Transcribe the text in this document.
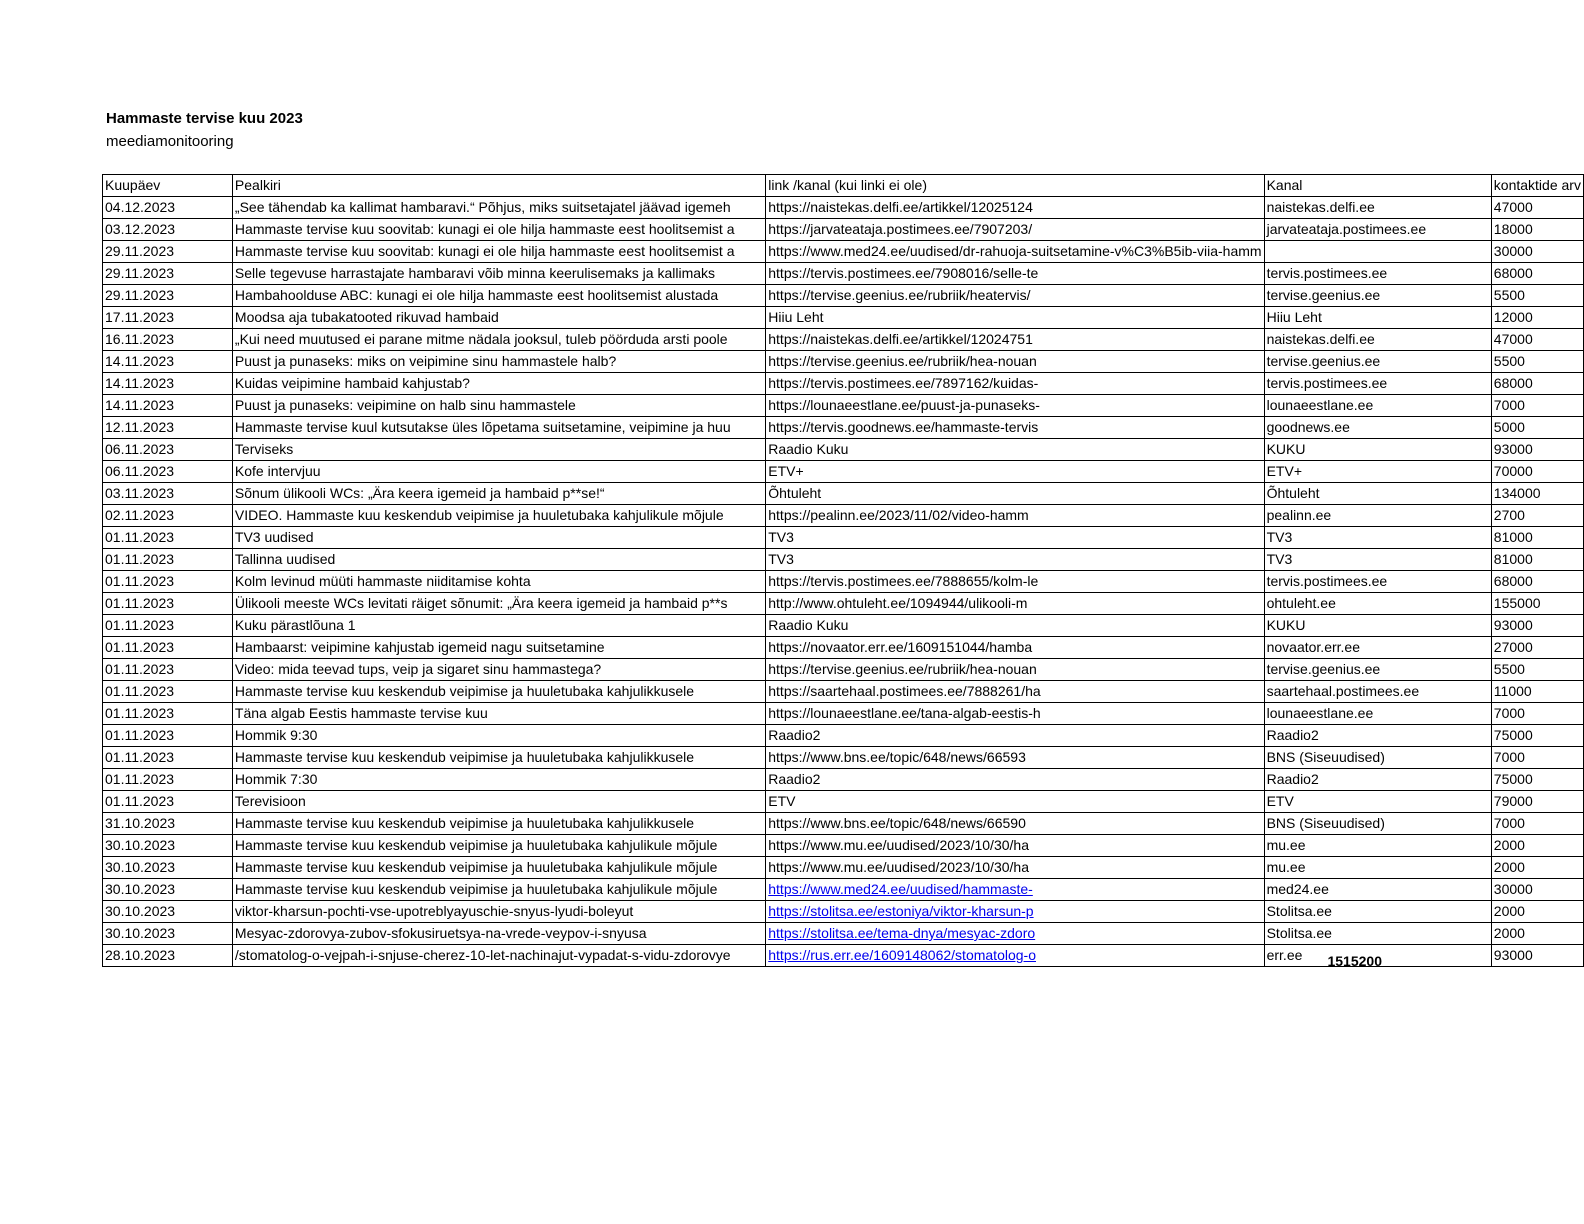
Hammaste tervise kuu 2023
meediamonitooring
Kuupäev	Pealkiri	link /kanal (kui linki ei ole)	Kanal	kontaktide arv
04.12.2023	„See tähendab ka kallimat hambaravi.“ Põhjus, miks suitsetajatel jäävad igemeh	https://naistekas.delfi.ee/artikkel/12025124	naistekas.delfi.ee	47000
03.12.2023	Hammaste tervise kuu soovitab: kunagi ei ole hilja hammaste eest hoolitsemist a	https://jarvateataja.postimees.ee/7907203/	jarvateataja.postimees.ee	18000
29.11.2023	Hammaste tervise kuu soovitab: kunagi ei ole hilja hammaste eest hoolitsemist a	https://www.med24.ee/uudised/dr-rahuoja-suitsetamine-v%C3%B5ib-viia-hamm		30000
29.11.2023	Selle tegevuse harrastajate hambaravi võib minna keerulisemaks ja kallimaks	https://tervis.postimees.ee/7908016/selle-te	tervis.postimees.ee	68000
29.11.2023	Hambahoolduse ABC: kunagi ei ole hilja hammaste eest hoolitsemist alustada	https://tervise.geenius.ee/rubriik/heatervis/	tervise.geenius.ee	5500
17.11.2023	Moodsa aja tubakatooted rikuvad hambaid	Hiiu Leht	Hiiu Leht	12000
16.11.2023	„Kui need muutused ei parane mitme nädala jooksul, tuleb pöörduda arsti poole	https://naistekas.delfi.ee/artikkel/12024751	naistekas.delfi.ee	47000
14.11.2023	Puust ja punaseks: miks on veipimine sinu hammastele halb?	https://tervise.geenius.ee/rubriik/hea-nouan	tervise.geenius.ee	5500
14.11.2023	Kuidas veipimine hambaid kahjustab?	https://tervis.postimees.ee/7897162/kuidas-	tervis.postimees.ee	68000
14.11.2023	Puust ja punaseks: veipimine on halb sinu hammastele	https://lounaeestlane.ee/puust-ja-punaseks-	lounaeestlane.ee	7000
12.11.2023	Hammaste tervise kuul kutsutakse üles lõpetama suitsetamine, veipimine ja huu	https://tervis.goodnews.ee/hammaste-tervis	goodnews.ee	5000
06.11.2023	Terviseks	Raadio Kuku	KUKU	93000
06.11.2023	Kofe intervjuu	ETV+	ETV+	70000
03.11.2023	Sõnum ülikooli WCs: „Ära keera igemeid ja hambaid p**se!“	Õhtuleht	Õhtuleht	134000
02.11.2023	VIDEO. Hammaste kuu keskendub veipimise ja huuletubaka kahjulikule mõjule	https://pealinn.ee/2023/11/02/video-hamm	pealinn.ee	2700
01.11.2023	TV3 uudised	TV3	TV3	81000
01.11.2023	Tallinna uudised	TV3	TV3	81000
01.11.2023	Kolm levinud müüti hammaste niiditamise kohta	https://tervis.postimees.ee/7888655/kolm-le	tervis.postimees.ee	68000
01.11.2023	Ülikooli meeste WCs levitati räiget sõnumit: „Ära keera igemeid ja hambaid p**s	http://www.ohtuleht.ee/1094944/ulikooli-m	ohtuleht.ee	155000
01.11.2023	Kuku pärastlõuna 1	Raadio Kuku	KUKU	93000
01.11.2023	Hambaarst: veipimine kahjustab igemeid nagu suitsetamine	https://novaator.err.ee/1609151044/hamba	novaator.err.ee	27000
01.11.2023	Video: mida teevad tups, veip ja sigaret sinu hammastega?	https://tervise.geenius.ee/rubriik/hea-nouan	tervise.geenius.ee	5500
01.11.2023	Hammaste tervise kuu keskendub veipimise ja huuletubaka kahjulikkusele	https://saartehaal.postimees.ee/7888261/ha	saartehaal.postimees.ee	11000
01.11.2023	Täna algab Eestis hammaste tervise kuu	https://lounaeestlane.ee/tana-algab-eestis-h	lounaeestlane.ee	7000
01.11.2023	Hommik 9:30	Raadio2	Raadio2	75000
01.11.2023	Hammaste tervise kuu keskendub veipimise ja huuletubaka kahjulikkusele	https://www.bns.ee/topic/648/news/66593	BNS (Siseuudised)	7000
01.11.2023	Hommik 7:30	Raadio2	Raadio2	75000
01.11.2023	Terevisioon	ETV	ETV	79000
31.10.2023	Hammaste tervise kuu keskendub veipimise ja huuletubaka kahjulikkusele	https://www.bns.ee/topic/648/news/66590	BNS (Siseuudised)	7000
30.10.2023	Hammaste tervise kuu keskendub veipimise ja huuletubaka kahjulikule mõjule	https://www.mu.ee/uudised/2023/10/30/ha	mu.ee	2000
30.10.2023	Hammaste tervise kuu keskendub veipimise ja huuletubaka kahjulikule mõjule	https://www.mu.ee/uudised/2023/10/30/ha	mu.ee	2000
30.10.2023	Hammaste tervise kuu keskendub veipimise ja huuletubaka kahjulikule mõjule	https://www.med24.ee/uudised/hammaste-	med24.ee	30000
30.10.2023	viktor-kharsun-pochti-vse-upotreblyayuschie-snyus-lyudi-boleyut	https://stolitsa.ee/estoniya/viktor-kharsun-p	Stolitsa.ee	2000
30.10.2023	Mesyac-zdorovya-zubov-sfokusiruetsya-na-vrede-veypov-i-snyusa	https://stolitsa.ee/tema-dnya/mesyac-zdoro	Stolitsa.ee	2000
28.10.2023	/stomatolog-o-vejpah-i-snjuse-cherez-10-let-nachinajut-vypadat-s-vidu-zdorovye	https://rus.err.ee/1609148062/stomatolog-o	err.ee	93000
1515200
